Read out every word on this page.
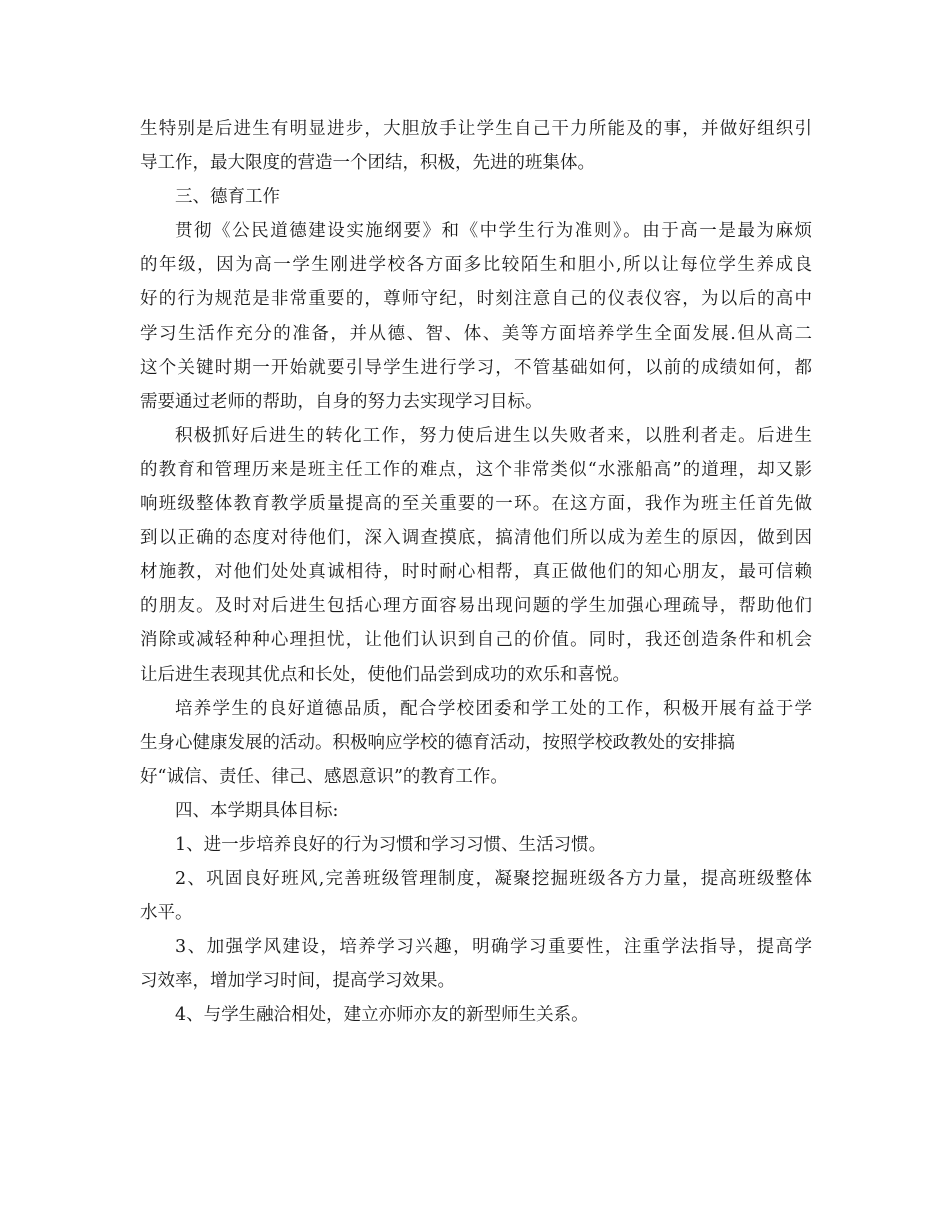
生特别是后进生有明显进步，大胆放手让学生自己干力所能及的事，并做好组织引
导工作，最大限度的营造一个团结，积极，先进的班集体。
三、德育工作
贯彻《公民道德建设实施纲要》和《中学生行为准则》。由于高一是最为麻烦
的年级，因为高一学生刚进学校各方面多比较陌生和胆小,所以让每位学生养成良
好的行为规范是非常重要的，尊师守纪，时刻注意自己的仪表仪容，为以后的高中
学习生活作充分的准备，并从德、智、体、美等方面培养学生全面发展.但从高二
这个关键时期一开始就要引导学生进行学习，不管基础如何，以前的成绩如何，都
需要通过老师的帮助，自身的努力去实现学习目标。
积极抓好后进生的转化工作，努力使后进生以失败者来，以胜利者走。后进生
的教育和管理历来是班主任工作的难点，这个非常类似“水涨船高”的道理，却又影
响班级整体教育教学质量提高的至关重要的一环。在这方面，我作为班主任首先做
到以正确的态度对待他们，深入调查摸底，搞清他们所以成为差生的原因，做到因
材施教，对他们处处真诚相待，时时耐心相帮，真正做他们的知心朋友，最可信赖
的朋友。及时对后进生包括心理方面容易出现问题的学生加强心理疏导，帮助他们
消除或减轻种种心理担忧，让他们认识到自己的价值。同时，我还创造条件和机会
让后进生表现其优点和长处，使他们品尝到成功的欢乐和喜悦。
培养学生的良好道德品质，配合学校团委和学工处的工作，积极开展有益于学
生身心健康发展的活动。积极响应学校的德育活动，按照学校政教处的安排搞
好“诚信、责任、律己、感恩意识”的教育工作。
四、本学期具体目标:
1、进一步培养良好的行为习惯和学习习惯、生活习惯。
2、巩固良好班风,完善班级管理制度，凝聚挖掘班级各方力量，提高班级整体
水平。
3、加强学风建设，培养学习兴趣，明确学习重要性，注重学法指导，提高学
习效率，增加学习时间，提高学习效果。
4、与学生融洽相处，建立亦师亦友的新型师生关系。
